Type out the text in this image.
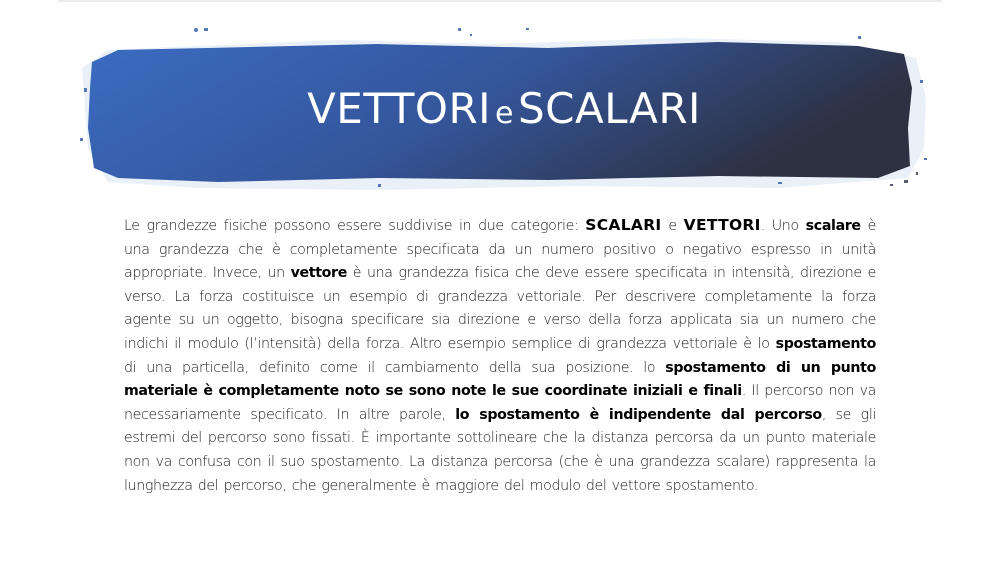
VETTORI eSCALARI
Le grandezze fisiche possono essere suddivise in due categorie: SCALARI e VETTORI. Uno scalare è una grandezza che è completamente specificata da un numero positivo o negativo espresso in unità appropriate. Invece, un vettore è una grandezza fisica che deve essere specificata in intensità, direzione e verso. La forza costituisce un esempio di grandezza vettoriale. Per descrivere completamente la forza agente su un oggetto, bisogna specificare sia direzione e verso della forza applicata sia un numero che indichi il modulo (l’intensità) della forza. Altro esempio semplice di grandezza vettoriale è lo spostamento di una particella, definito come il cambiamento della sua posizione. lo spostamento di un punto materiale è completamente noto se sono note le sue coordinate iniziali e finali. Il percorso non va necessariamente specificato. In altre parole, lo spostamento è indipendente dal percorso, se gli estremi del percorso sono fissati. È importante sottolineare che la distanza percorsa da un punto materiale non va confusa con il suo spostamento. La distanza percorsa (che è una grandezza scalare) rappresenta la lunghezza del percorso, che generalmente è maggiore del modulo del vettore spostamento.
